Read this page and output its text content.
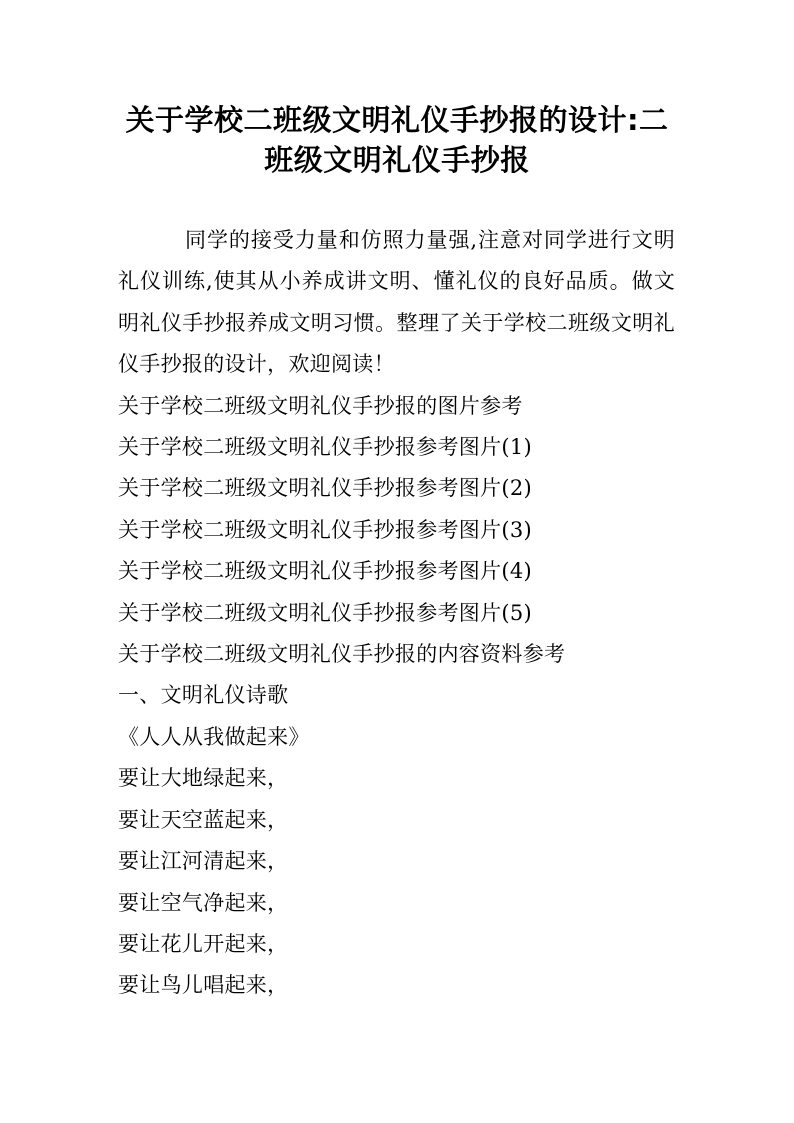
关于学校二班级文明礼仪手抄报的设计:二
班级文明礼仪手抄报

同学的接受力量和仿照力量强,注意对同学进行文明礼仪训练,使其从小养成讲文明、懂礼仪的良好品质。做文明礼仪手抄报养成文明习惯。整理了关于学校二班级文明礼仪手抄报的设计，欢迎阅读！

关于学校二班级文明礼仪手抄报的图片参考

关于学校二班级文明礼仪手抄报参考图片(1)

关于学校二班级文明礼仪手抄报参考图片(2)

关于学校二班级文明礼仪手抄报参考图片(3)

关于学校二班级文明礼仪手抄报参考图片(4)

关于学校二班级文明礼仪手抄报参考图片(5)

关于学校二班级文明礼仪手抄报的内容资料参考

一、文明礼仪诗歌

《人人从我做起来》

要让大地绿起来，

要让天空蓝起来，

要让江河清起来，

要让空气净起来，

要让花儿开起来，

要让鸟儿唱起来，
